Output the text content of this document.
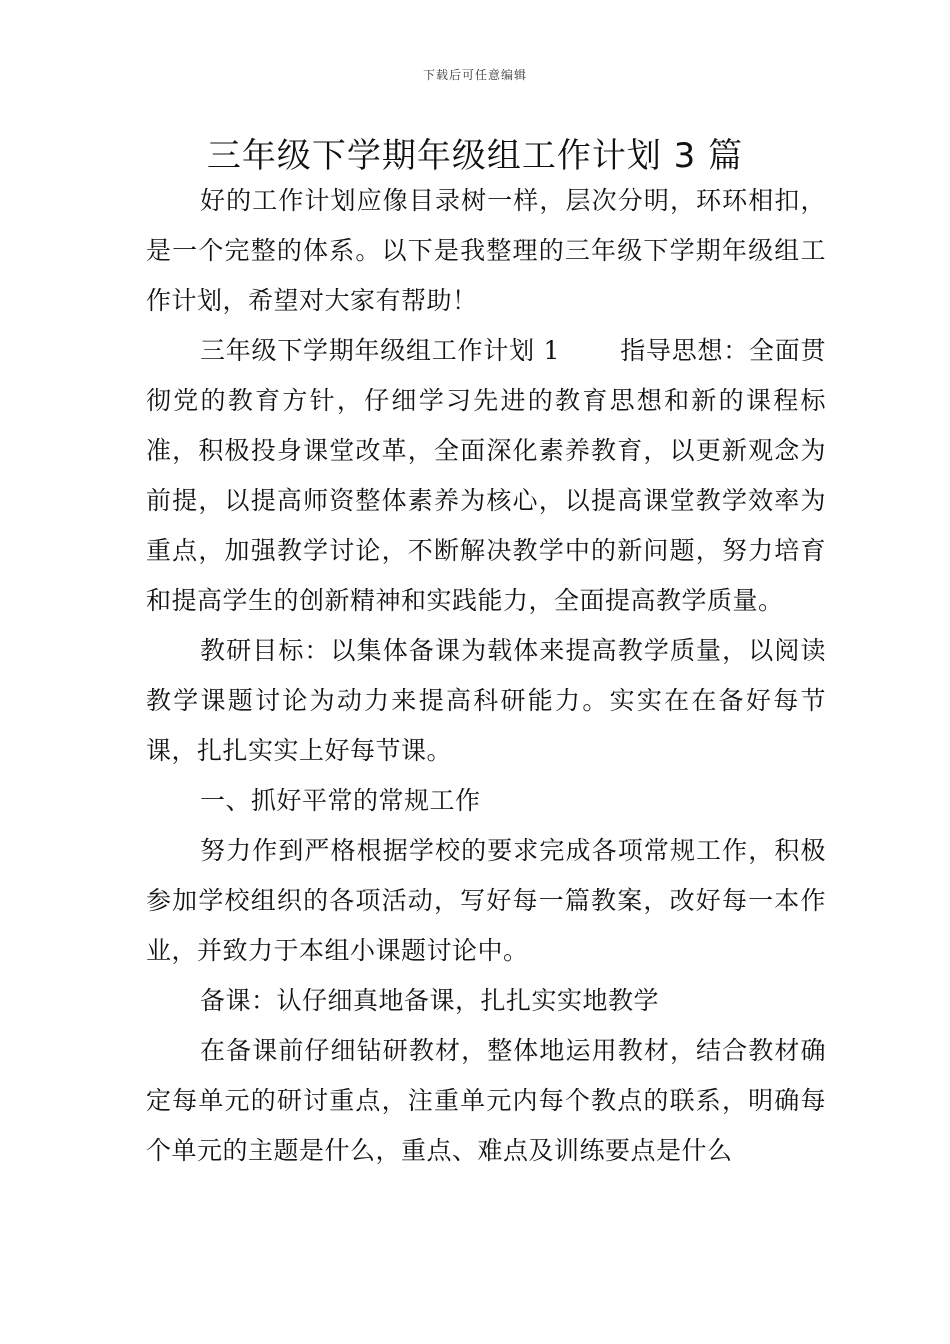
下载后可任意编辑
三年级下学期年级组工作计划 3 篇

好的工作计划应像目录树一样，层次分明，环环相扣，是一个完整的体系。以下是我整理的三年级下学期年级组工作计划，希望对大家有帮助！

三年级下学期年级组工作计划 1 指导思想：全面贯彻党的教育方针，仔细学习先进的教育思想和新的课程标准，积极投身课堂改革，全面深化素养教育，以更新观念为前提，以提高师资整体素养为核心，以提高课堂教学效率为重点，加强教学讨论，不断解决教学中的新问题，努力培育和提高学生的创新精神和实践能力，全面提高教学质量。

教研目标：以集体备课为载体来提高教学质量，以阅读教学课题讨论为动力来提高科研能力。实实在在备好每节课，扎扎实实上好每节课。

一、抓好平常的常规工作

努力作到严格根据学校的要求完成各项常规工作，积极参加学校组织的各项活动，写好每一篇教案，改好每一本作业，并致力于本组小课题讨论中。

备课：认仔细真地备课，扎扎实实地教学

在备课前仔细钻研教材，整体地运用教材，结合教材确定每单元的研讨重点，注重单元内每个教点的联系，明确每个单元的主题是什么，重点、难点及训练要点是什么
